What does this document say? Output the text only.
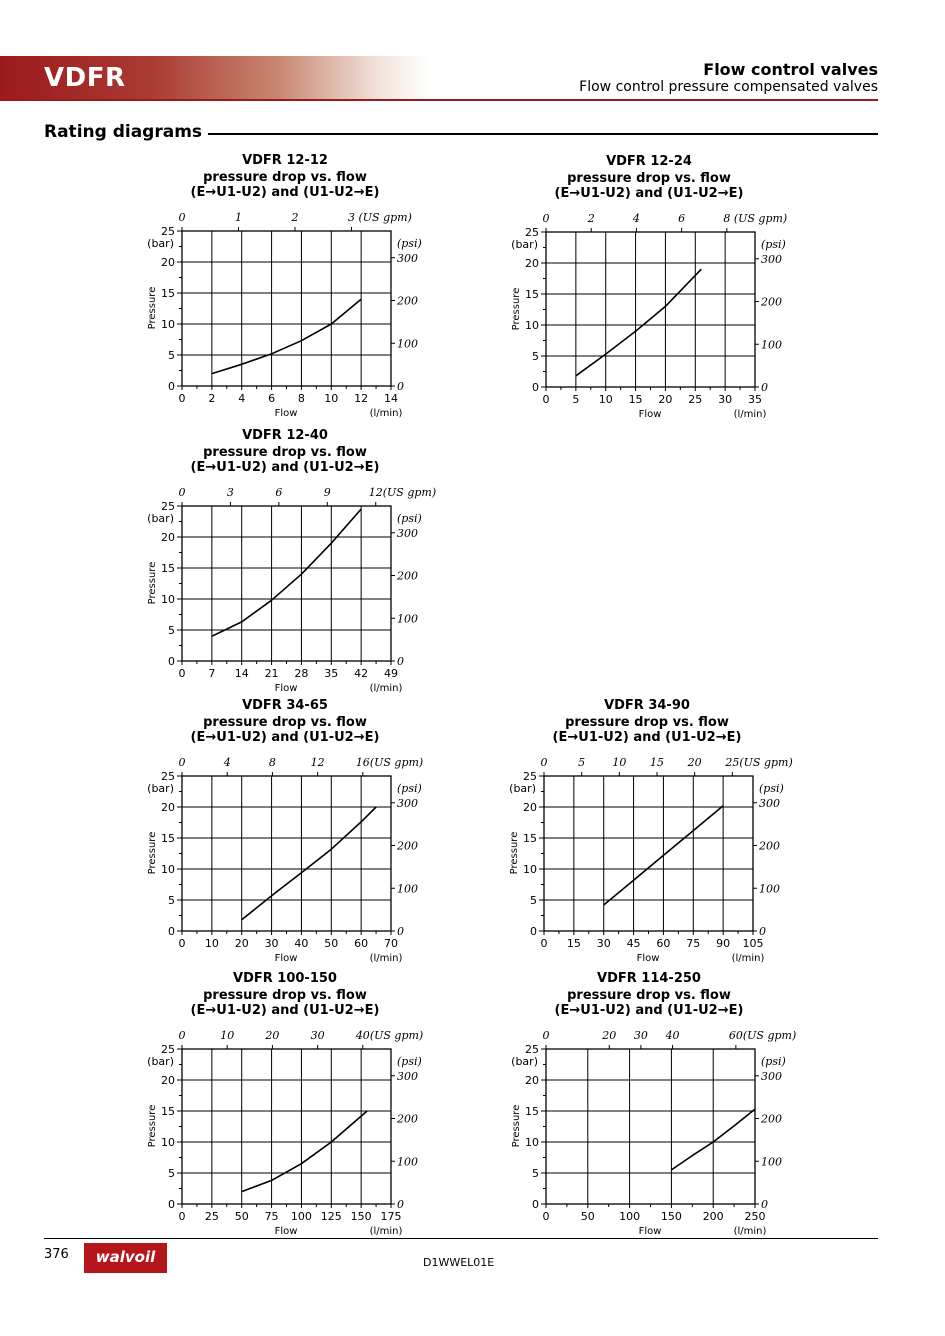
VDFR	Flow control valves
Flow control pressure compensated valves
Rating diagrams
VDFR 12-12
pressure drop vs. flow
(E→U1-U2) and (U1-U2→E)
0 2 4 6 8 10 12 14
0
5
10
15
20
25
Flow	(l/min)
(bar)
Pressure
0	1	2	3 (US gpm)
0
100
200
300
(psi)
VDFR 12-24
pressure drop vs. flow
(E→U1-U2) and (U1-U2→E)
0 5 10 15 20 25 30 35
0
5
10
15
20
25
Flow	(l/min)
(bar)
Pressure
0	2	4	6	8 (US gpm)
0
100
200
300
(psi)
VDFR 12-40
pressure drop vs. flow
(E→U1-U2) and (U1-U2→E)
0 7 14 21 28 35 42 49
0
5
10
15
20
25
Flow	(l/min)
(bar)
Pressure
0	3	6	9	12 (US gpm)
0
100
200
300
(psi)
VDFR 34-65
pressure drop vs. flow
(E→U1-U2) and (U1-U2→E)
0 10 20 30 40 50 60 70
0
5
10
15
20
25
Flow	(l/min)
(bar)
Pressure
0	4	8	12	16 (US gpm)
0
100
200
300
(psi)
VDFR 34-90
pressure drop vs. flow
(E→U1-U2) and (U1-U2→E)
0 15 30 45 60 75 90 105
0
5
10
15
20
25
Flow	(l/min)
(bar)
Pressure
0	5 10 15 20 25 (US gpm)
0
100
200
300
(psi)
VDFR 100-150
pressure drop vs. flow
(E→U1-U2) and (U1-U2→E)
0 25 50 75 100 125 150 175
0
5
10
15
20
25
Flow	(l/min)
(bar)
Pressure
0	10	20	30	40 (US gpm)
0
100
200
300
(psi)
VDFR 114-250
pressure drop vs. flow
(E→U1-U2) and (U1-U2→E)
0	50 100 150 200 250
0
5
10
15
20
25
Flow	(l/min)
(bar)
Pressure
0	20 30 40	60 (US gpm)
0
100
200
300
(psi)
376	walvoil	D1WWEL01E
